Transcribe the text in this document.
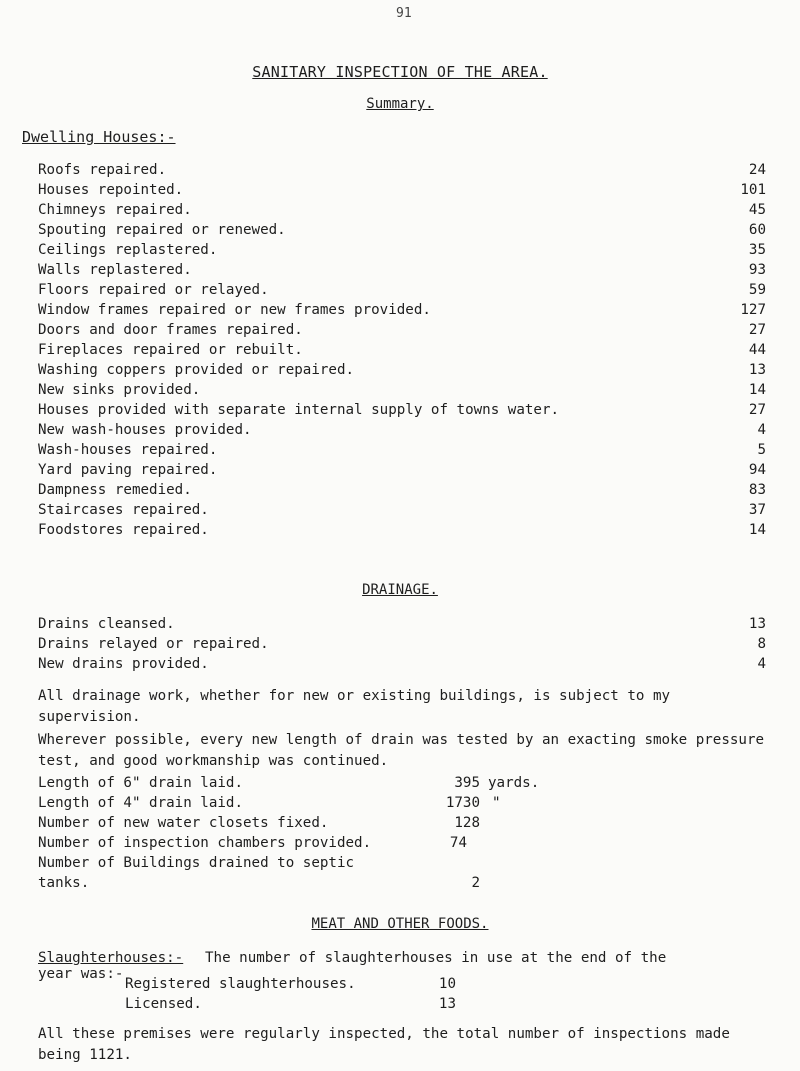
91
SANITARY INSPECTION OF THE AREA.
Summary.
Dwelling Houses:-
Roofs repaired.	24
Houses repointed.	101
Chimneys repaired.	45
Spouting repaired or renewed.	60
Ceilings replastered.	35
Walls replastered.	93
Floors repaired or relayed.	59
Window frames repaired or new frames provided.	127
Doors and door frames repaired.	27
Fireplaces repaired or rebuilt.	44
Washing coppers provided or repaired.	13
New sinks provided.	14
Houses provided with separate internal supply of towns water.	27
New wash-houses provided.	4
Wash-houses repaired.	5
Yard paving repaired.	94
Dampness remedied.	83
Staircases repaired.	37
Foodstores repaired.	14
DRAINAGE.
Drains cleansed.	13
Drains relayed or repaired.	8
New drains provided.	4
All drainage work, whether for new or existing buildings, is subject to my supervision.
Wherever possible, every new length of drain was tested by an exacting smoke pressure test, and good workmanship was continued.
Length of 6" drain laid.	395 yards.
Length of 4" drain laid.	1730 "
Number of new water closets fixed.	128
Number of inspection chambers provided.	74
Number of Buildings drained to septic
tanks.	2
MEAT AND OTHER FOODS.
Slaughterhouses:- The number of slaughterhouses in use at the end of the
year was:-
Registered slaughterhouses.	10
Licensed.	13
All these premises were regularly inspected, the total number of inspections made being 1121.
